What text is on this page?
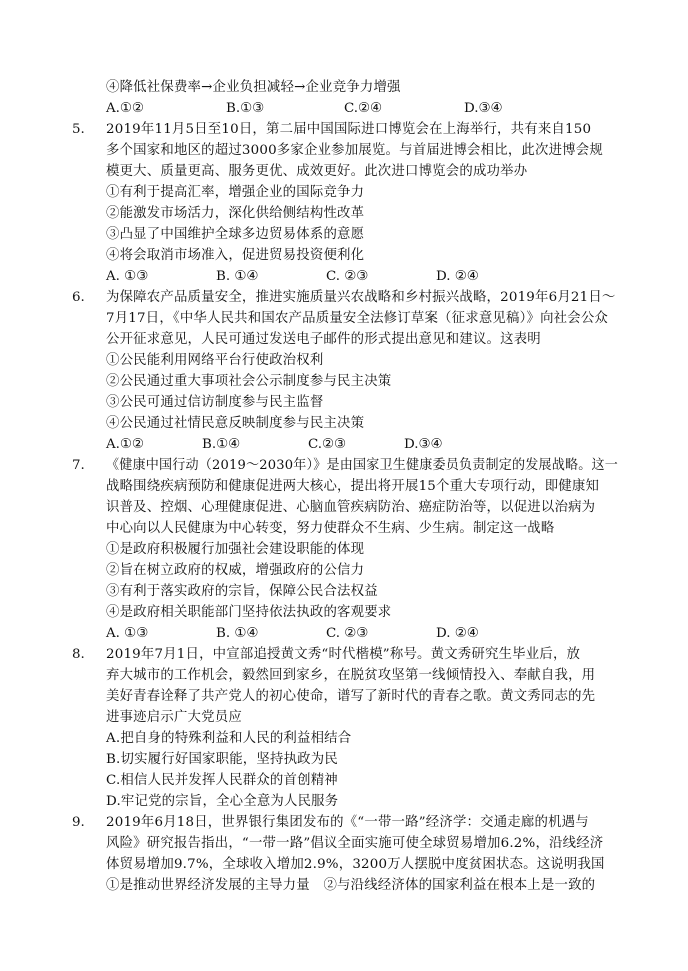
④降低社保费率→企业负担减轻→企业竞争力增强
A.①②	B.①③	C.②④	D.③④
5. 2019年11月5日至10日，第二届中国国际进口博览会在上海举行，共有来自150
多个国家和地区的超过3000多家企业参加展览。与首届进博会相比，此次进博会规
模更大、质量更高、服务更优、成效更好。此次进口博览会的成功举办
①有利于提高汇率，增强企业的国际竞争力
②能激发市场活力，深化供给侧结构性改革
③凸显了中国维护全球多边贸易体系的意愿
④将会取消市场准入，促进贸易投资便利化
A. ①③	B. ①④	C. ②③	D. ②④
6. 为保障农产品质量安全，推进实施质量兴农战略和乡村振兴战略，2019年6月21日～
7月17日，《中华人民共和国农产品质量安全法修订草案（征求意见稿）》向社会公众
公开征求意见，人民可通过发送电子邮件的形式提出意见和建议。这表明
①公民能利用网络平台行使政治权利
②公民通过重大事项社会公示制度参与民主决策
③公民可通过信访制度参与民主监督
④公民通过社情民意反映制度参与民主决策
A.①②	B.①④	C.②③	D.③④
7. 《健康中国行动（2019～2030年）》是由国家卫生健康委员负责制定的发展战略。这一
战略围绕疾病预防和健康促进两大核心，提出将开展15个重大专项行动，即健康知
识普及、控烟、心理健康促进、心脑血管疾病防治、癌症防治等，以促进以治病为
中心向以人民健康为中心转变，努力使群众不生病、少生病。制定这一战略
①是政府积极履行加强社会建设职能的体现
②旨在树立政府的权威，增强政府的公信力
③有利于落实政府的宗旨，保障公民合法权益
④是政府相关职能部门坚持依法执政的客观要求
A. ①③	B. ①④	C. ②③	D. ②④
8. 2019年7月1日，中宣部追授黄文秀“时代楷模”称号。黄文秀研究生毕业后，放
弃大城市的工作机会，毅然回到家乡，在脱贫攻坚第一线倾情投入、奉献自我，用
美好青春诠释了共产党人的初心使命，谱写了新时代的青春之歌。黄文秀同志的先
进事迹启示广大党员应
A.把自身的特殊利益和人民的利益相结合
B.切实履行好国家职能，坚持执政为民
C.相信人民并发挥人民群众的首创精神
D.牢记党的宗旨，全心全意为人民服务
9. 2019年6月18日，世界银行集团发布的《“一带一路”经济学：交通走廊的机遇与
风险》研究报告指出，“一带一路”倡议全面实施可使全球贸易增加6.2%，沿线经济
体贸易增加9.7%，全球收入增加2.9%，3200万人摆脱中度贫困状态。这说明我国
①是推动世界经济发展的主导力量　②与沿线经济体的国家利益在根本上是一致的
